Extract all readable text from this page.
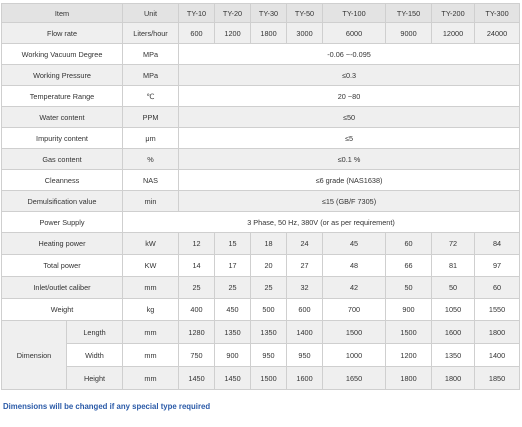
Item		Unit	TY-10	TY-20	TY-30	TY-50	TY-100	TY-150	TY-200	TY-300
Flow rate		Liters/hour	600	1200	1800	3000	6000	9000	12000	24000
Working Vacuum Degree		MPa	-0.06 ~-0.095							
Working Pressure		MPa	≤0.3							
Temperature Range		℃	20 ~80							
Water content		PPM	≤50							
Impurity content		μm	≤5							
Gas content		%	≤0.1 %							
Cleanness		NAS	≤6 grade (NAS1638)							
Demulsification value		min	≤15 (GB/F 7305)							
Power Supply		3 Phase, 50 Hz, 380V (or as per requirement)								
Heating power		kW	12	15	18	24	45	60	72	84
Total power		KW	14	17	20	27	48	66	81	97
Inlet/outlet caliber		mm	25	25	25	32	42	50	50	60
Weight		kg	400	450	500	600	700	900	1050	1550
Dimension	Length	mm	1280	1350	1350	1400	1500	1500	1600	1800
	Width	mm	750	900	950	950	1000	1200	1350	1400
	Height	mm	1450	1450	1500	1600	1650	1800	1800	1850
Dimensions will be changed if any special type required
